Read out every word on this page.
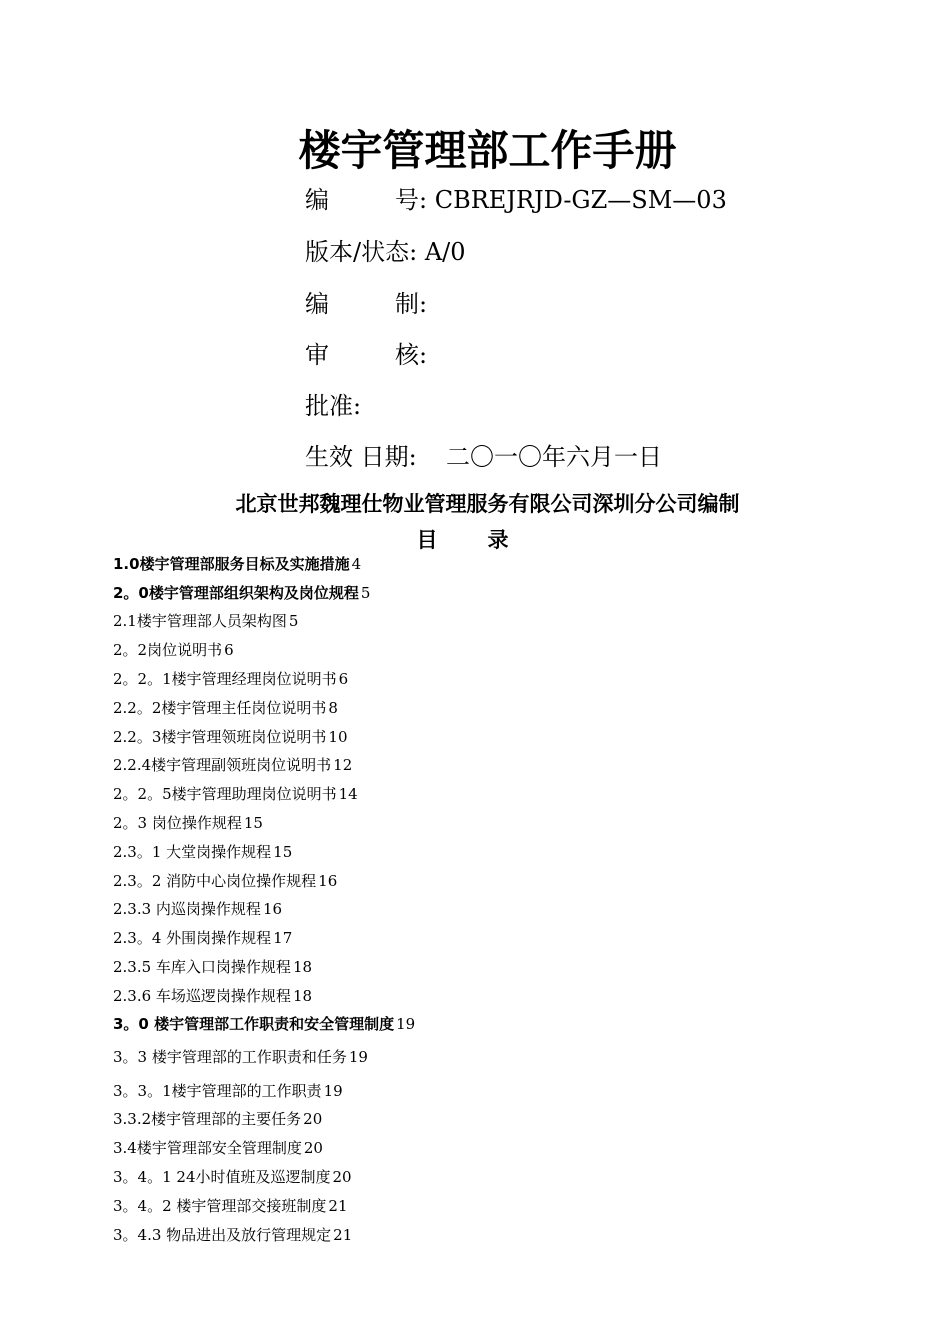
楼宇管理部工作手册
编	号: CBREJRJD-GZ—SM—03
版本/状态: A/0
编	制:
审	核:
批准:
生效 日期: 二〇一〇年六月一日
北京世邦魏理仕物业管理服务有限公司深圳分公司编制
目录
1.0楼宇管理部服务目标及实施措施 4
2。0楼宇管理部组织架构及岗位规程 5
2.1楼宇管理部人员架构图 5
2。2岗位说明书 6
2。2。1楼宇管理经理岗位说明书 6
2.2。2楼宇管理主任岗位说明书 8
2.2。3楼宇管理领班岗位说明书 10
2.2.4楼宇管理副领班岗位说明书 12
2。2。5楼宇管理助理岗位说明书 14
2。3 岗位操作规程 15
2.3。1 大堂岗操作规程 15
2.3。2 消防中心岗位操作规程 16
2.3.3 内巡岗操作规程 16
2.3。4 外围岗操作规程 17
2.3.5 车库入口岗操作规程 18
2.3.6 车场巡逻岗操作规程 18
3。0 楼宇管理部工作职责和安全管理制度 19
3。3 楼宇管理部的工作职责和任务 19
3。3。1楼宇管理部的工作职责 19
3.3.2楼宇管理部的主要任务 20
3.4楼宇管理部安全管理制度 20
3。4。1 24小时值班及巡逻制度 20
3。4。2 楼宇管理部交接班制度 21
3。4.3 物品进出及放行管理规定 21
